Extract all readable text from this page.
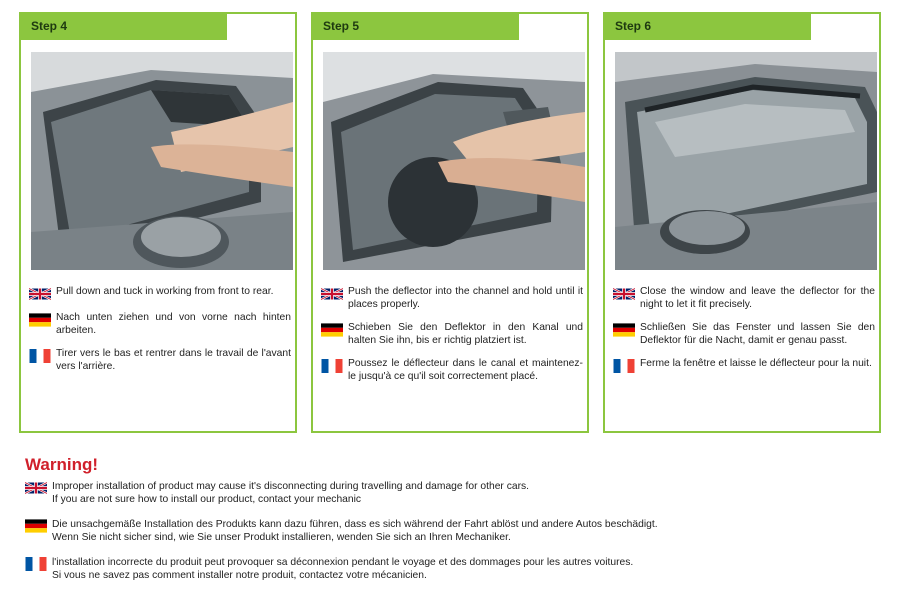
Step 4

Pull down and tuck in working from front to rear.

Nach unten ziehen und von vorne nach hinten arbeiten.

Tirer vers le bas et rentrer dans le travail de l'avant vers l'arrière.

Step 5

Push the deflector into the channel and hold until it places properly.

Schieben Sie den Deflektor in den Kanal und halten Sie ihn, bis er richtig platziert ist.

Poussez le déflecteur dans le canal et maintenez-le jusqu'à ce qu'il soit correctement placé.

Step 6

Close the window and leave the deflector for the night to let it fit precisely.

Schließen Sie das Fenster und lassen Sie den Deflektor für die Nacht, damit er genau passt.

Ferme la fenêtre et laisse le déflecteur pour la nuit.

Warning!

Improper installation of product may cause it's disconnecting during travelling and damage for other cars.

If you are not sure how to install our product, contact your mechanic

Die unsachgemäße Installation des Produkts kann dazu führen, dass es sich während der Fahrt ablöst und andere Autos beschädigt.

Wenn Sie nicht sicher sind, wie Sie unser Produkt installieren, wenden Sie sich an Ihren Mechaniker.

l'installation incorrecte du produit peut provoquer sa déconnexion pendant le voyage et des dommages pour les autres voitures.

Si vous ne savez pas comment installer notre produit, contactez votre mécanicien.
